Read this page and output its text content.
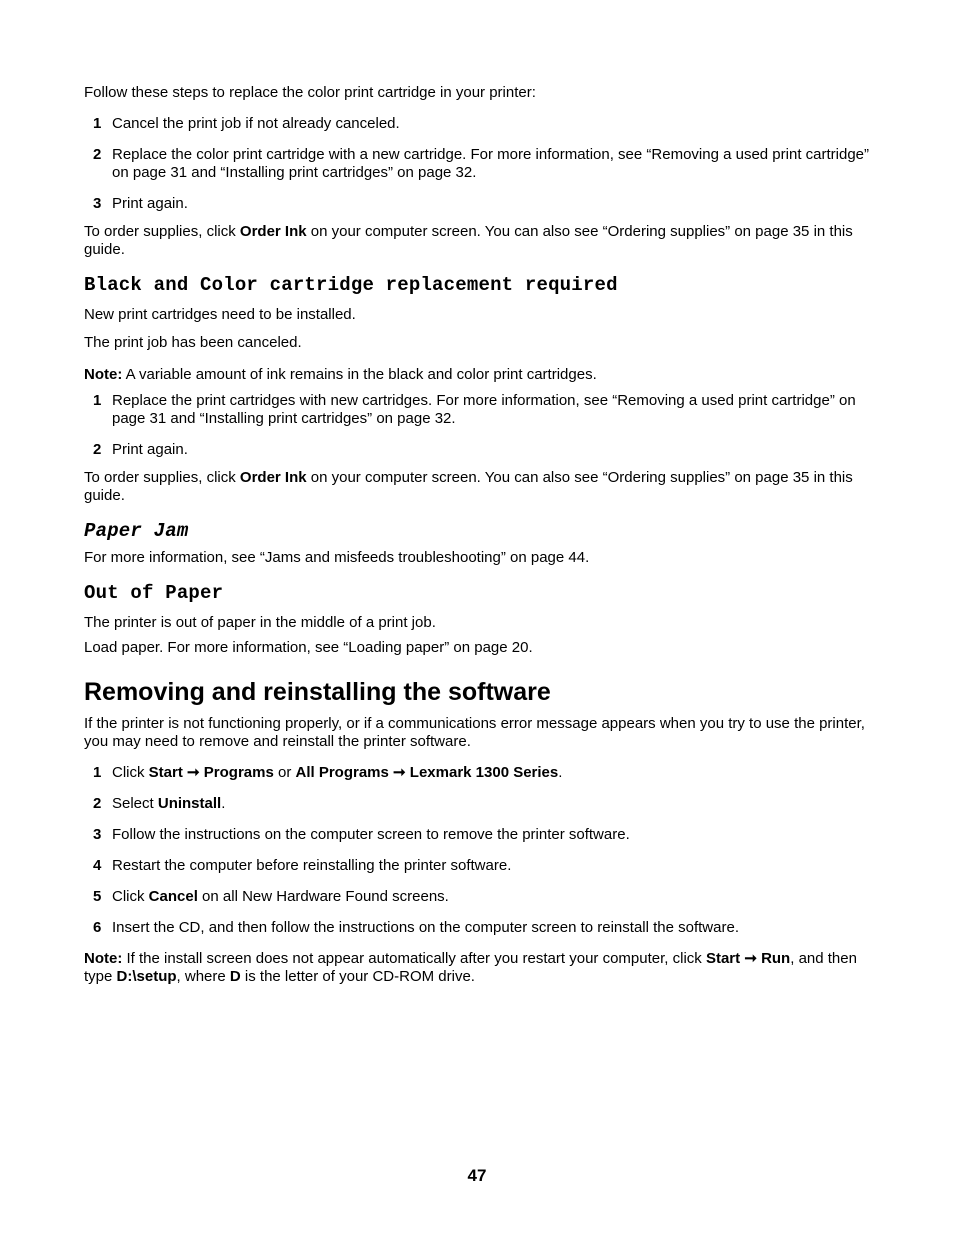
Follow these steps to replace the color print cartridge in your printer:

1 Cancel the print job if not already canceled.
2 Replace the color print cartridge with a new cartridge. For more information, see “Removing a used print cartridge” on page 31 and “Installing print cartridges” on page 32.
3 Print again.

To order supplies, click Order Ink on your computer screen. You can also see “Ordering supplies” on page 35 in this guide.

Black and Color cartridge replacement required

New print cartridges need to be installed.

The print job has been canceled.

Note: A variable amount of ink remains in the black and color print cartridges.

1 Replace the print cartridges with new cartridges. For more information, see “Removing a used print cartridge” on page 31 and “Installing print cartridges” on page 32.
2 Print again.

To order supplies, click Order Ink on your computer screen. You can also see “Ordering supplies” on page 35 in this guide.

Paper Jam

For more information, see “Jams and misfeeds troubleshooting” on page 44.

Out of Paper

The printer is out of paper in the middle of a print job.

Load paper. For more information, see “Loading paper” on page 20.

Removing and reinstalling the software

If the printer is not functioning properly, or if a communications error message appears when you try to use the printer, you may need to remove and reinstall the printer software.

1 Click Start ➞ Programs or All Programs ➞ Lexmark 1300 Series.
2 Select Uninstall.
3 Follow the instructions on the computer screen to remove the printer software.
4 Restart the computer before reinstalling the printer software.
5 Click Cancel on all New Hardware Found screens.
6 Insert the CD, and then follow the instructions on the computer screen to reinstall the software.

Note: If the install screen does not appear automatically after you restart your computer, click Start ➞ Run, and then type D:\setup, where D is the letter of your CD-ROM drive.

47
